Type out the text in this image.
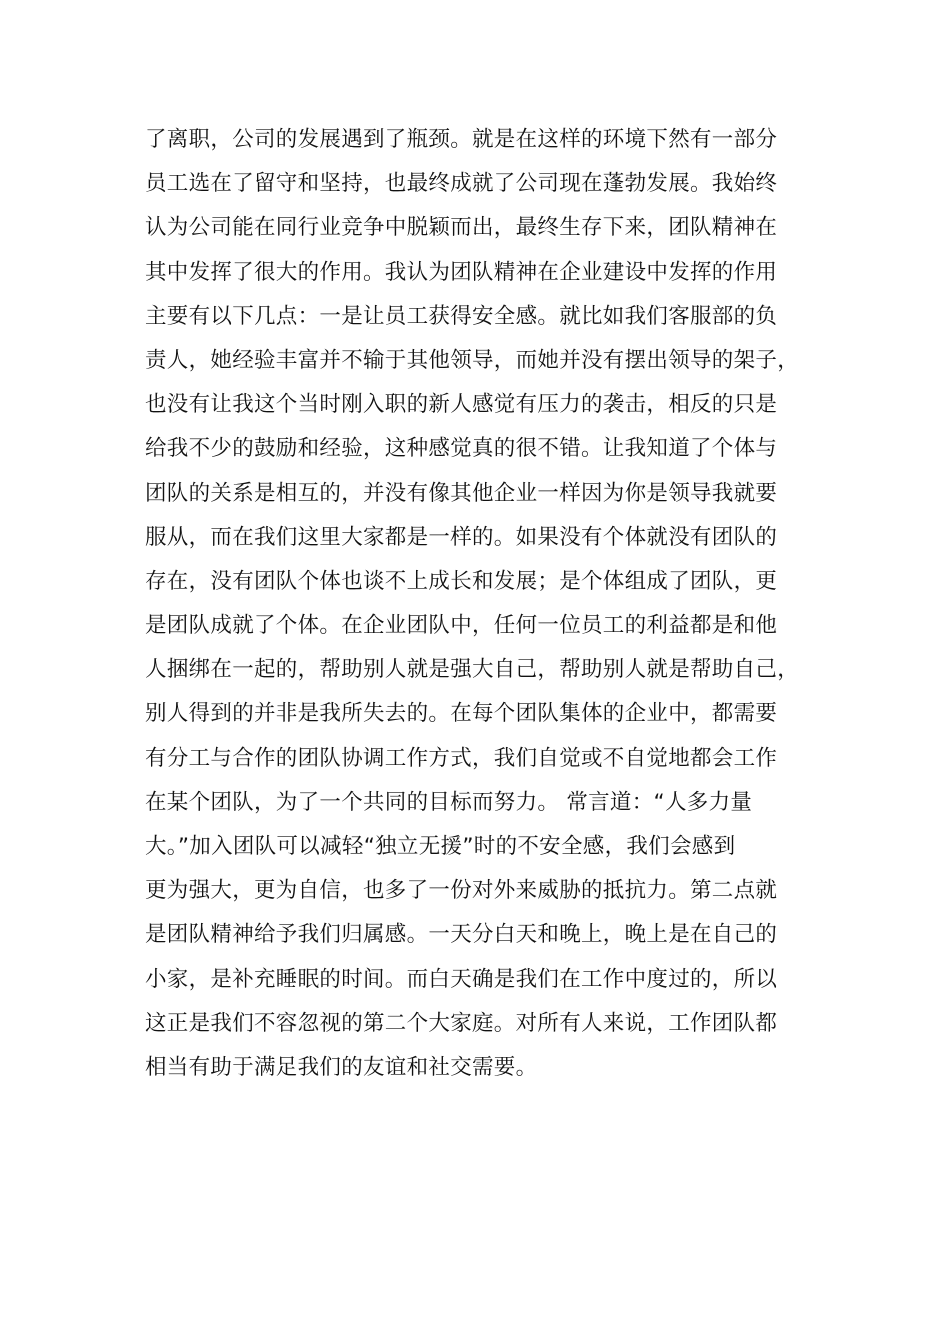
了离职，公司的发展遇到了瓶颈。就是在这样的环境下然有一部分
员工选在了留守和坚持，也最终成就了公司现在蓬勃发展。我始终
认为公司能在同行业竞争中脱颖而出，最终生存下来，团队精神在
其中发挥了很大的作用。我认为团队精神在企业建设中发挥的作用
主要有以下几点：一是让员工获得安全感。就比如我们客服部的负
责人，她经验丰富并不输于其他领导，而她并没有摆出领导的架子，
也没有让我这个当时刚入职的新人感觉有压力的袭击，相反的只是
给我不少的鼓励和经验，这种感觉真的很不错。让我知道了个体与
团队的关系是相互的，并没有像其他企业一样因为你是领导我就要
服从，而在我们这里大家都是一样的。如果没有个体就没有团队的
存在，没有团队个体也谈不上成长和发展；是个体组成了团队，更
是团队成就了个体。在企业团队中，任何一位员工的利益都是和他
人捆绑在一起的，帮助别人就是强大自己，帮助别人就是帮助自己，
别人得到的并非是我所失去的。在每个团队集体的企业中，都需要
有分工与合作的团队协调工作方式，我们自觉或不自觉地都会工作
在某个团队，为了一个共同的目标而努力。 常言道：“人多力量
大。”加入团队可以减轻“独立无援”时的不安全感，我们会感到
更为强大，更为自信，也多了一份对外来威胁的抵抗力。第二点就
是团队精神给予我们归属感。一天分白天和晚上，晚上是在自己的
小家，是补充睡眠的时间。而白天确是我们在工作中度过的，所以
这正是我们不容忽视的第二个大家庭。对所有人来说，工作团队都
相当有助于满足我们的友谊和社交需要。
